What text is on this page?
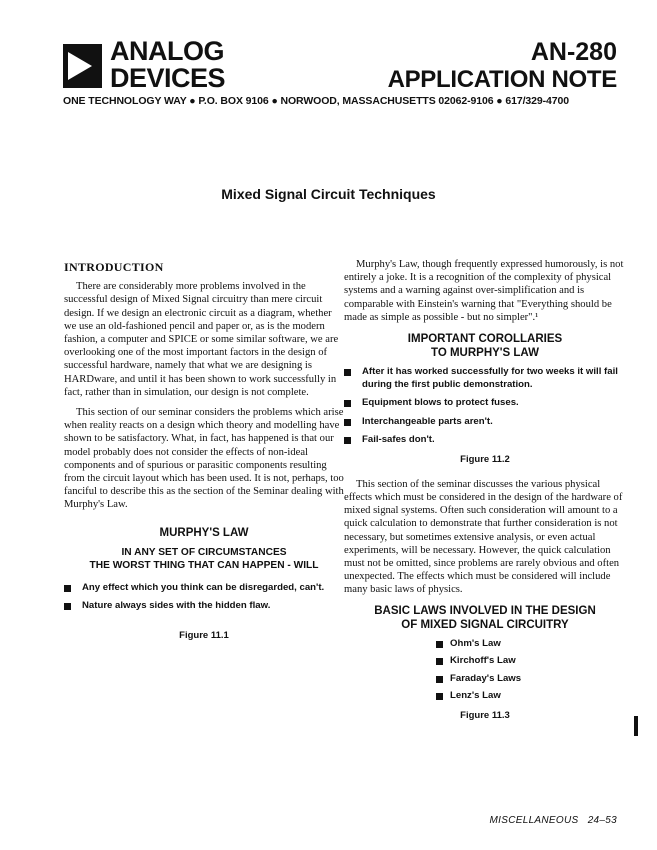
ANALOG
DEVICES
AN-280
APPLICATION NOTE
ONE TECHNOLOGY WAY ● P.O. BOX 9106 ● NORWOOD, MASSACHUSETTS 02062-9106 ● 617/329-4700
Mixed Signal Circuit Techniques
INTRODUCTION

There are considerably more problems involved in the successful design of Mixed Signal circuitry than mere circuit design. If we design an electronic circuit as a diagram, whether we use an old-fashioned pencil and paper or, as is the modern fashion, a computer and SPICE or some similar software, we are overlooking one of the most important factors in the design of successful hardware, namely that what we are designing is HARDware, and until it has been shown to work successfully in fact, rather than in simulation, our design is not complete.

This section of our seminar considers the problems which arise when reality reacts on a design which theory and modelling have shown to be satisfactory. What, in fact, has happened is that our model probably does not consider the effects of non-ideal components and of spurious or parasitic components resulting from the circuit layout which has been used. It is not, perhaps, too fanciful to describe this as the section of the Seminar dealing with Murphy's Law.

MURPHY'S LAW
IN ANY SET OF CIRCUMSTANCES
THE WORST THING THAT CAN HAPPEN - WILL
Any effect which you think can be disregarded, can't.
Nature always sides with the hidden flaw.
Figure 11.1

Murphy's Law, though frequently expressed humorously, is not entirely a joke. It is a recognition of the complexity of physical systems and a warning against over-simplification and is comparable with Einstein's warning that "Everything should be made as simple as possible - but no simpler".¹

IMPORTANT COROLLARIES
TO MURPHY'S LAW
After it has worked successfully for two weeks it will fail during the first public demonstration.
Equipment blows to protect fuses.
Interchangeable parts aren't.
Fail-safes don't.
Figure 11.2

This section of the seminar discusses the various physical effects which must be considered in the design of the hardware of mixed signal systems. Often such consideration will amount to a quick calculation to demonstrate that further consideration is not necessary, but sometimes extensive analysis, or even actual experiments, will be necessary. However, the quick calculation must not be omitted, since problems are rarely obvious and often unexpected. The effects which must be considered will include many basic laws of physics.

BASIC LAWS INVOLVED IN THE DESIGN
OF MIXED SIGNAL CIRCUITRY
Ohm's Law
Kirchoff's Law
Faraday's Laws
Lenz's Law
Figure 11.3
MISCELLANEOUS   24–53
